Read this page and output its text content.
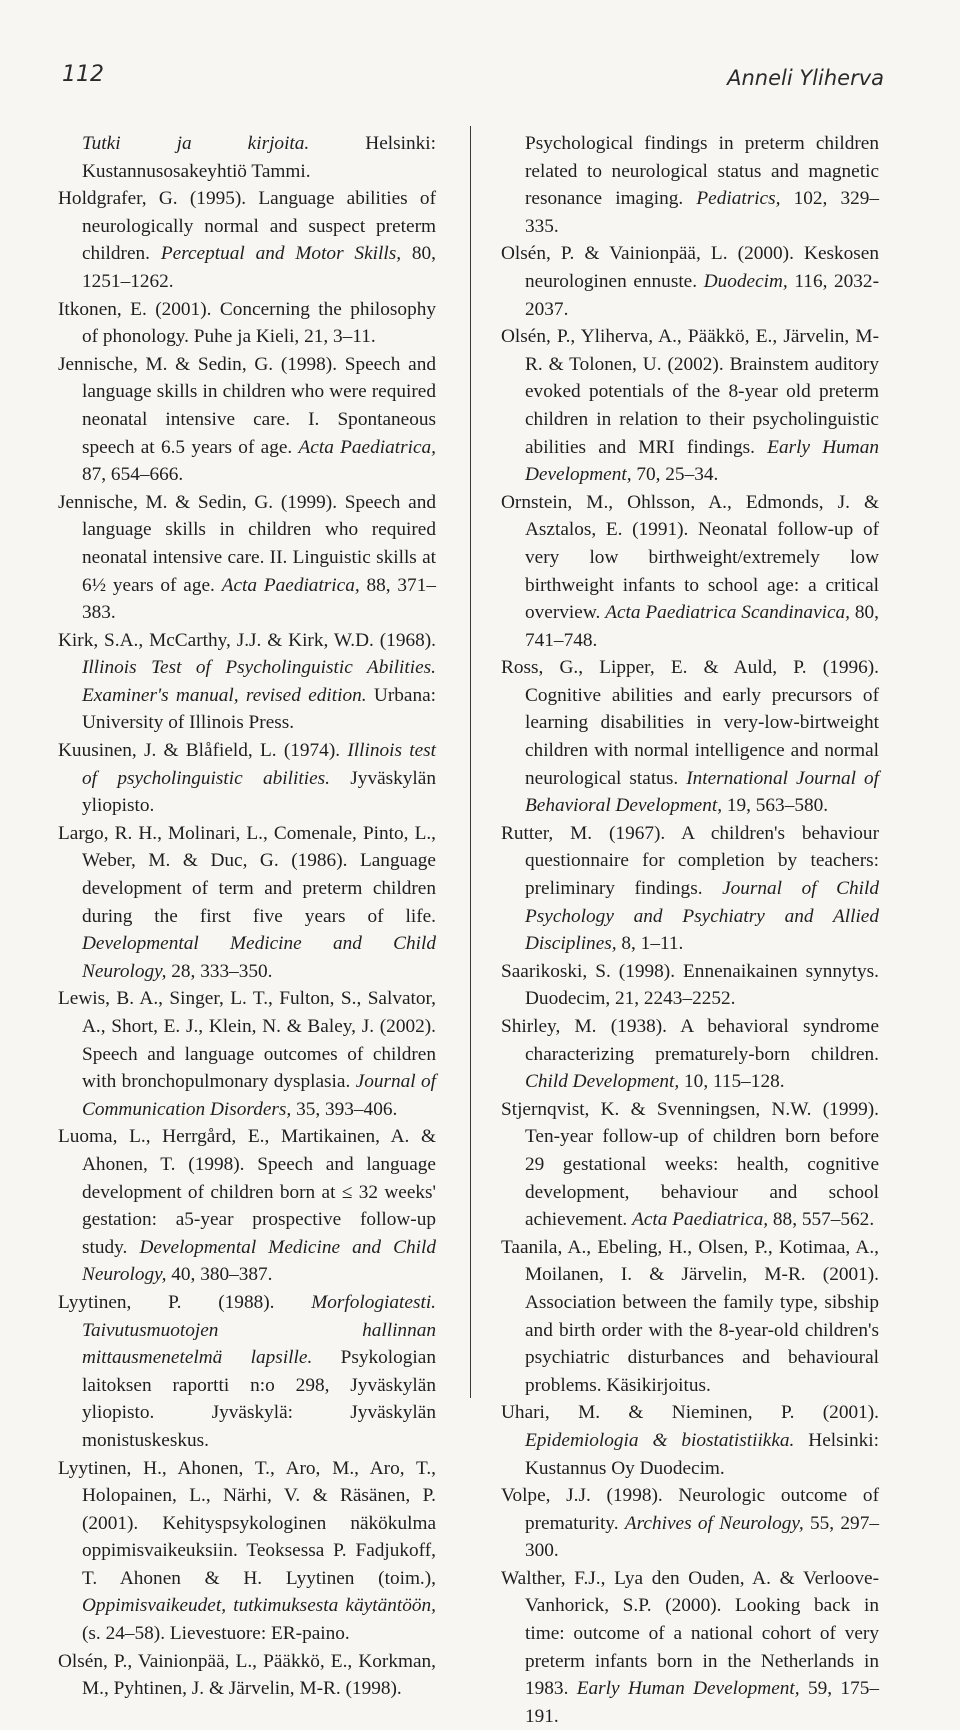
112	Anneli Yliherva

Tutki ja kirjoita. Helsinki: Kustannusosakeyhtiö Tammi.

Holdgrafer, G. (1995). Language abilities of neurologically normal and suspect preterm children. Perceptual and Motor Skills, 80, 1251–1262.

Itkonen, E. (2001). Concerning the philosophy of phonology. Puhe ja Kieli, 21, 3–11.

Jennische, M. & Sedin, G. (1998). Speech and language skills in children who were required neonatal intensive care. I. Spontaneous speech at 6.5 years of age. Acta Paediatrica, 87, 654–666.

Jennische, M. & Sedin, G. (1999). Speech and language skills in children who required neonatal intensive care. II. Linguistic skills at 6½ years of age. Acta Paediatrica, 88, 371–383.

Kirk, S.A., McCarthy, J.J. & Kirk, W.D. (1968). Illinois Test of Psycholinguistic Abilities. Examiner's manual, revised edition. Urbana: University of Illinois Press.

Kuusinen, J. & Blåfield, L. (1974). Illinois test of psycholinguistic abilities. Jyväskylän yliopisto.

Largo, R. H., Molinari, L., Comenale, Pinto, L., Weber, M. & Duc, G. (1986). Language development of term and preterm children during the first five years of life. Developmental Medicine and Child Neurology, 28, 333–350.

Lewis, B. A., Singer, L. T., Fulton, S., Salvator, A., Short, E. J., Klein, N. & Baley, J. (2002). Speech and language outcomes of children with bronchopulmonary dysplasia. Journal of Communication Disorders, 35, 393–406.

Luoma, L., Herrgård, E., Martikainen, A. & Ahonen, T. (1998). Speech and language development of children born at ≤ 32 weeks' gestation: a5-year prospective follow-up study. Developmental Medicine and Child Neurology, 40, 380–387.

Lyytinen, P. (1988). Morfologiatesti. Taivutusmuotojen hallinnan mittausmenetelmä lapsille. Psykologian laitoksen raportti n:o 298, Jyväskylän yliopisto. Jyväskylä: Jyväskylän monistuskeskus.

Lyytinen, H., Ahonen, T., Aro, M., Aro, T., Holopainen, L., Närhi, V. & Räsänen, P. (2001). Kehityspsykologinen näkökulma oppimisvaikeuksiin. Teoksessa P. Fadjukoff, T. Ahonen & H. Lyytinen (toim.), Oppimisvaikeudet, tutkimuksesta käytäntöön, (s. 24–58). Lievestuore: ER-paino.

Olsén, P., Vainionpää, L., Pääkkö, E., Korkman, M., Pyhtinen, J. & Järvelin, M-R. (1998).

Psychological findings in preterm children related to neurological status and magnetic resonance imaging. Pediatrics, 102, 329–335.

Olsén, P. & Vainionpää, L. (2000). Keskosen neurologinen ennuste. Duodecim, 116, 2032-2037.

Olsén, P., Yliherva, A., Pääkkö, E., Järvelin, M-R. & Tolonen, U. (2002). Brainstem auditory evoked potentials of the 8-year old preterm children in relation to their psycholinguistic abilities and MRI findings. Early Human Development, 70, 25–34.

Ornstein, M., Ohlsson, A., Edmonds, J. & Asztalos, E. (1991). Neonatal follow-up of very low birthweight/extremely low birthweight infants to school age: a critical overview. Acta Paediatrica Scandinavica, 80, 741–748.

Ross, G., Lipper, E. & Auld, P. (1996). Cognitive abilities and early precursors of learning disabilities in very-low-birtweight children with normal intelligence and normal neurological status. International Journal of Behavioral Development, 19, 563–580.

Rutter, M. (1967). A children's behaviour questionnaire for completion by teachers: preliminary findings. Journal of Child Psychology and Psychiatry and Allied Disciplines, 8, 1–11.

Saarikoski, S. (1998). Ennenaikainen synnytys. Duodecim, 21, 2243–2252.

Shirley, M. (1938). A behavioral syndrome characterizing prematurely-born children. Child Development, 10, 115–128.

Stjernqvist, K. & Svenningsen, N.W. (1999). Ten-year follow-up of children born before 29 gestational weeks: health, cognitive development, behaviour and school achievement. Acta Paediatrica, 88, 557–562.

Taanila, A., Ebeling, H., Olsen, P., Kotimaa, A., Moilanen, I. & Järvelin, M-R. (2001). Association between the family type, sibship and birth order with the 8-year-old children's psychiatric disturbances and behavioural problems. Käsikirjoitus.

Uhari, M. & Nieminen, P. (2001). Epidemiologia & biostatistiikka. Helsinki: Kustannus Oy Duodecim.

Volpe, J.J. (1998). Neurologic outcome of prematurity. Archives of Neurology, 55, 297–300.

Walther, F.J., Lya den Ouden, A. & Verloove-Vanhorick, S.P. (2000). Looking back in time: outcome of a national cohort of very preterm infants born in the Netherlands in 1983. Early Human Development, 59, 175–191.
